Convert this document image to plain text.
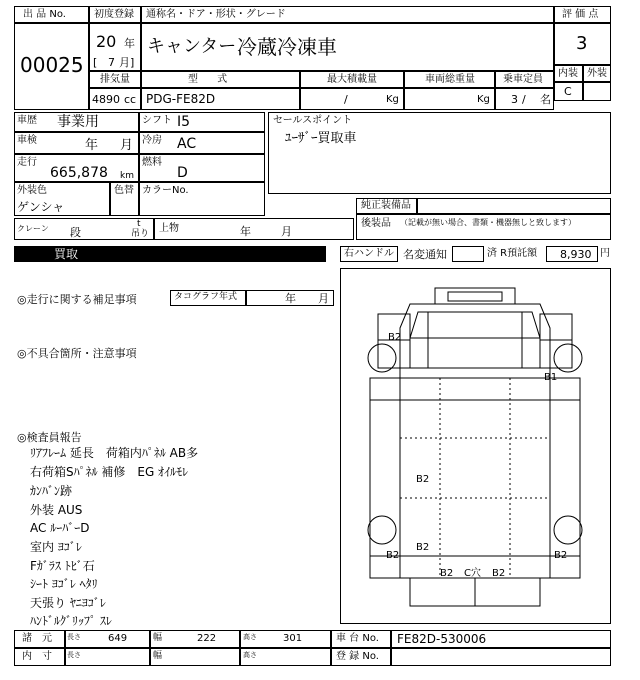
出 品 No.
00025
初度登録
20 年
[ 7 月]
通称名・ドア・形状・グレード
キャンター 冷蔵冷凍車
評 価 点
3
内装 外装
C
排気量
4890 cc
型      式
PDG-FE82D
最大積載量
/	Kg
車両総重量
Kg
乗車定員
3 / 名
車歴 事業用	シフト I5
車検	年 月 冷房 AC
走行
665,878 km
燃料
D
外装色
ゲンシャ
色替 カラーNo.
セールスポイント
ﾕｰｻﾞｰ買取車
純正装備品
後装品 （記載が無い場合、書類・機器無しと致します）
クレーン 段
t
吊り 上物	年	月
買取	右ハンドル 名変通知	済 R預託額 8,930 円
◎走行に関する補足事項	タコグラフ年式	年 月
◎不具合箇所・注意事項
◎検査員報告
ﾘｱﾌﾚｰﾑ 延長　荷箱内ﾊﾟﾈﾙ AB多
右荷箱Sﾊﾟﾈﾙ 補修　EG ｵｲﾙﾓﾚ
ｶﾝﾊﾞﾝ跡
外装 AUS
AC ﾙｰﾊﾞｰD
室内 ﾖｺﾞﾚ
Fｶﾞﾗｽ ﾄﾋﾞ石
ｼｰﾄ ﾖｺﾞﾚ ﾍﾀﾘ
天張り ﾔﾆﾖｺﾞﾚ
ﾊﾝﾄﾞﾙｸﾞﾘｯﾌﾟ ｽﾚ
B2
B1
B2
B2
B2	B2
B2 C穴 B2
諸　元 長さ	649	幅	222	高さ	301	車 台 No. FE82D-530006
内　寸 長さ	幅	高さ	登 録 No.
